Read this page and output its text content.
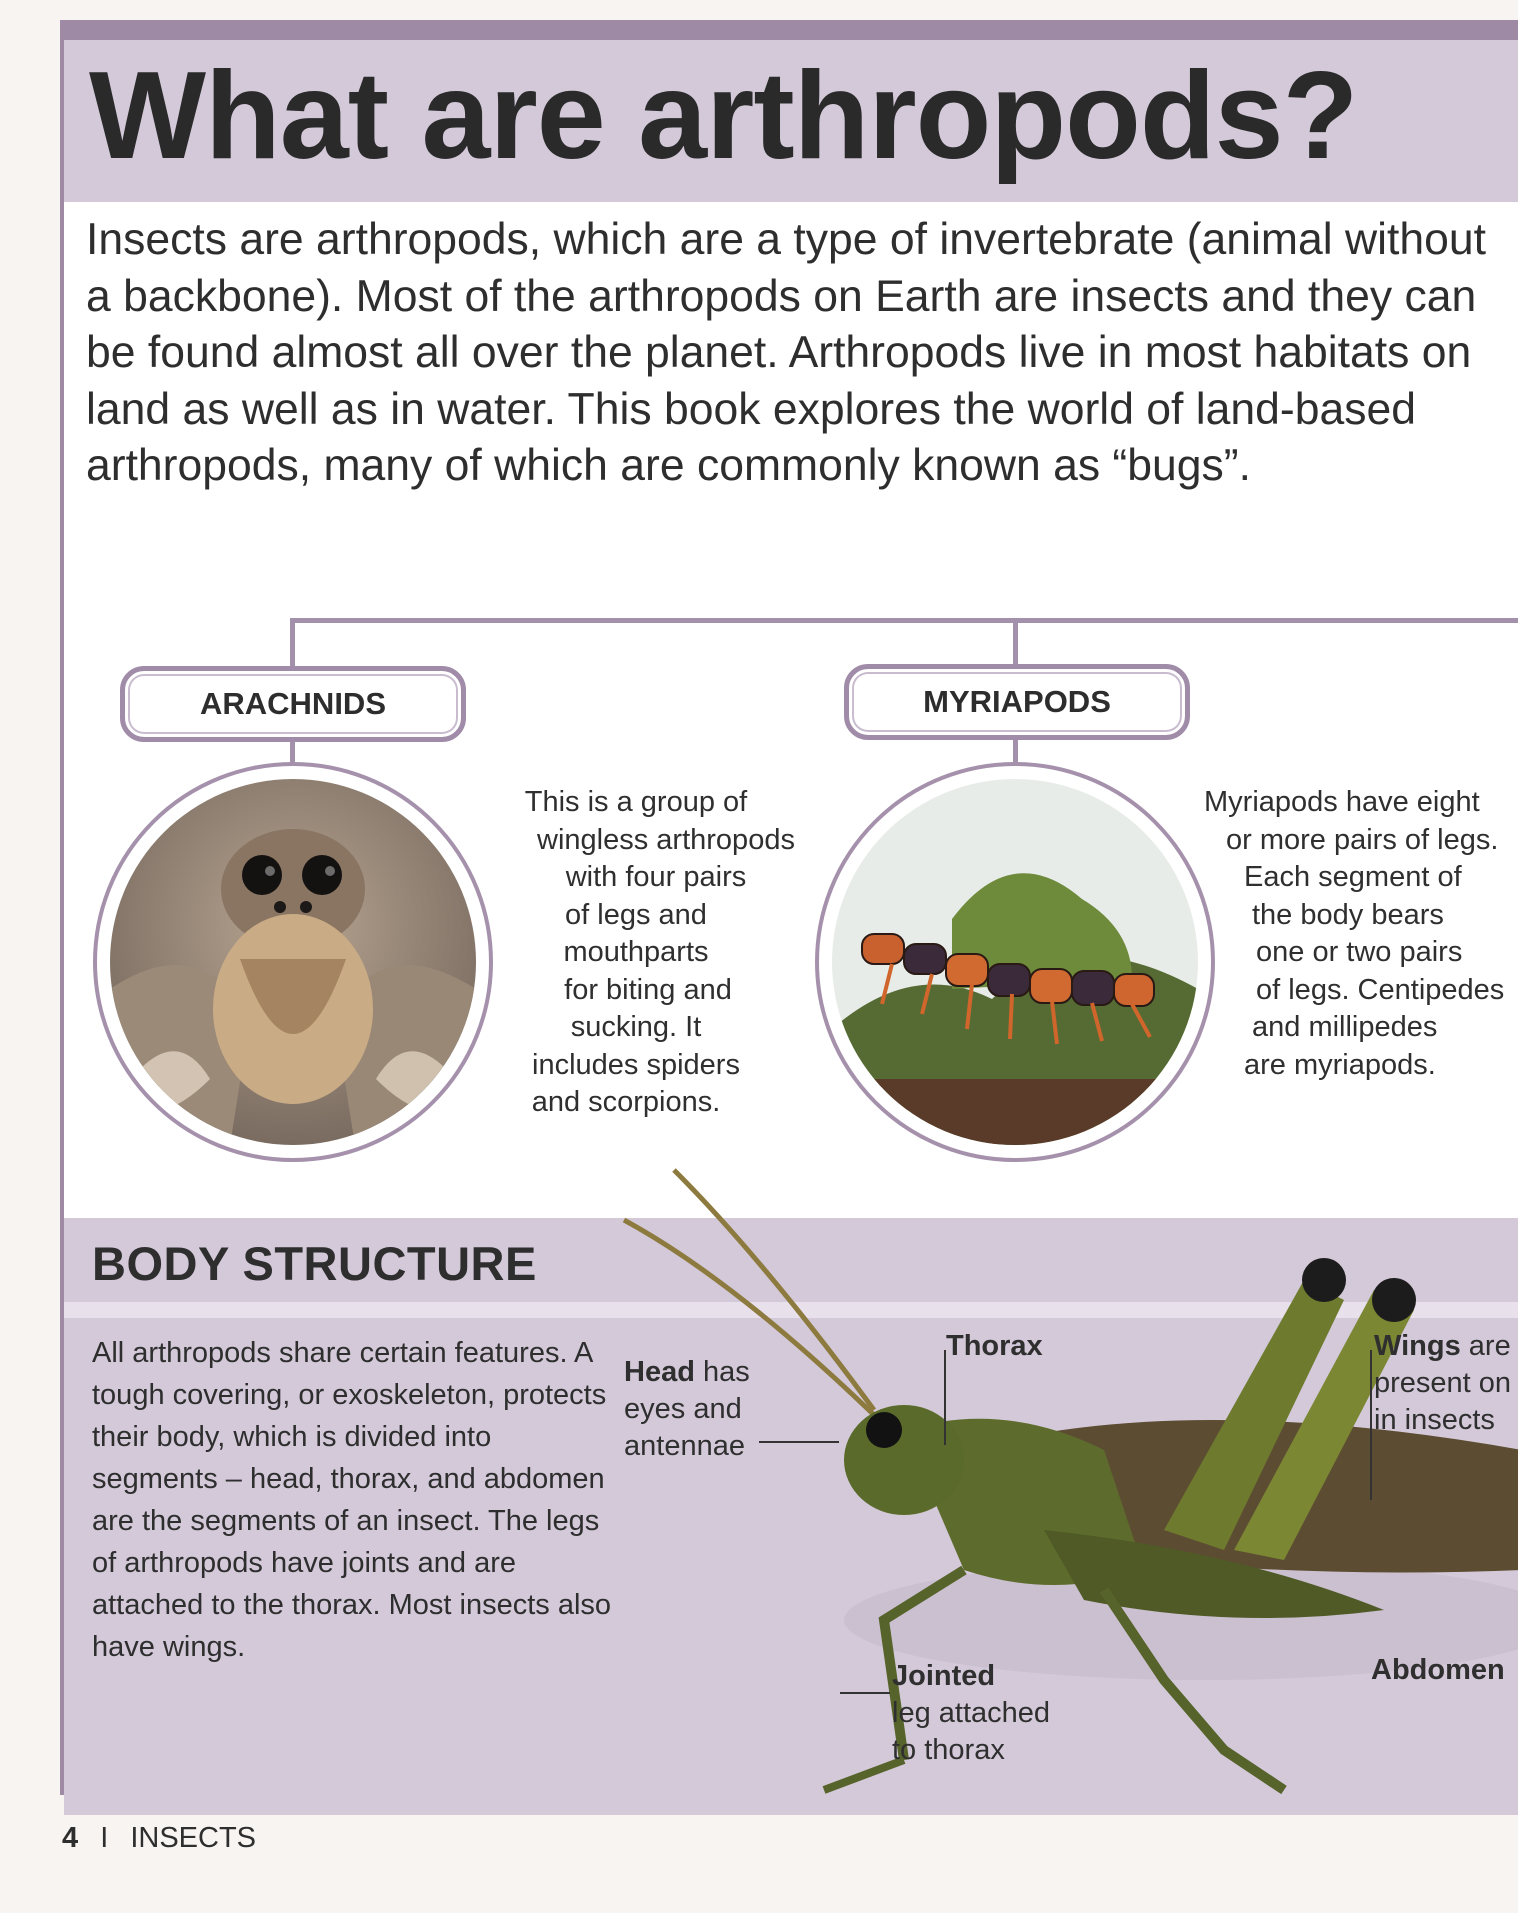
What are arthropods?

Insects are arthropods, which are a type of invertebrate (animal without a backbone). Most of the arthropods on Earth are insects and they can be found almost all over the planet. Arthropods live in most habitats on land as well as in water. This book explores the world of land-based arthropods, many of which are commonly known as “bugs”.

ARACHNIDS	MYRIAPODS
This is a group of
wingless arthropods
with four pairs
of legs and
mouthparts
for biting and
sucking. It
includes spiders
and scorpions.
Myriapods have eight
or more pairs of legs.
Each segment of
the body bears
one or two pairs
of legs. Centipedes
and millipedes
are myriapods.
BODY STRUCTURE

All arthropods share certain features. A tough covering, or exoskeleton, protects their body, which is divided into segments – head, thorax, and abdomen are the segments of an insect. The legs of arthropods have joints and are attached to the thorax. Most insects also have wings.

Head has
eyes and
antennae
Thorax	Wings are
present on
in insects
Jointed
leg attached
to thorax
Abdomen
4 I INSECTS
